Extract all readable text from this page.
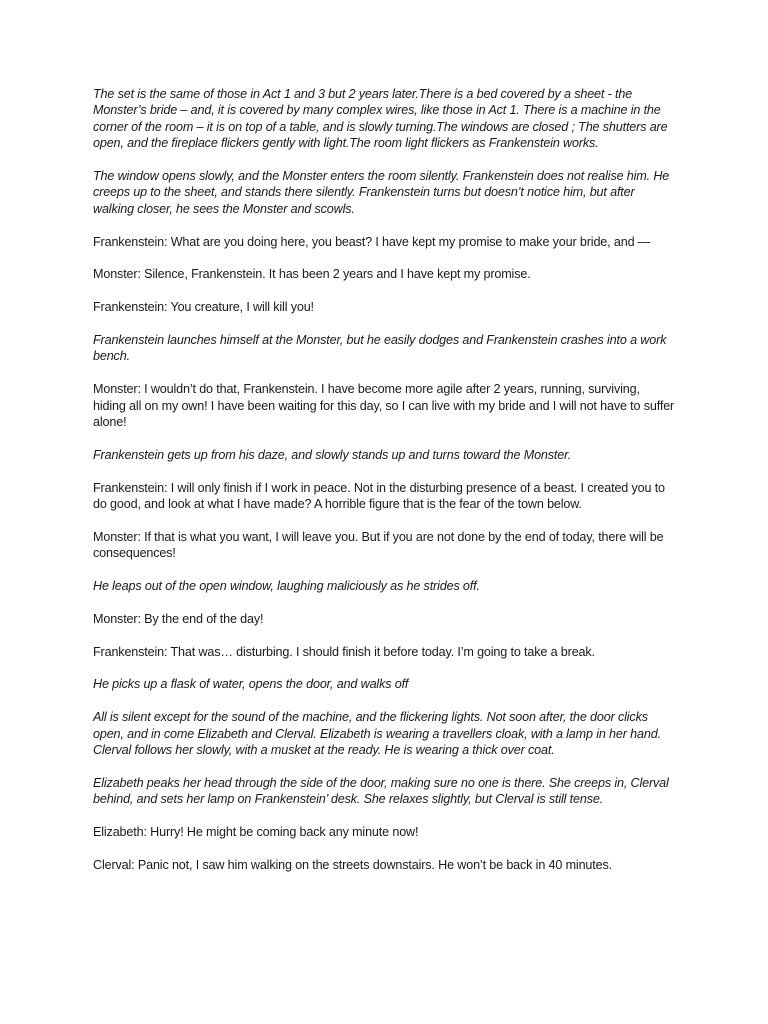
The set is the same of those in Act 1 and 3 but 2 years later.There is a bed covered by a sheet - the Monster’s bride – and, it is covered by many complex wires, like those in Act 1. There is a machine in the corner of the room – it is on top of a table, and is slowly turning.The windows are closed ; The shutters are open, and the fireplace flickers gently with light.The room light flickers as Frankenstein works.

The window opens slowly, and the Monster enters the room silently. Frankenstein does not realise him. He creeps up to the sheet, and stands there silently. Frankenstein turns but doesn’t notice him, but after walking closer, he sees the Monster and scowls.

Frankenstein: What are you doing here, you beast? I have kept my promise to make your bride, and —

Monster: Silence, Frankenstein. It has been 2 years and I have kept my promise.

Frankenstein: You creature, I will kill you!

Frankenstein launches himself at the Monster, but he easily dodges and Frankenstein crashes into a work bench.

Monster: I wouldn’t do that, Frankenstein. I have become more agile after 2 years, running, surviving, hiding all on my own! I have been waiting for this day, so I can live with my bride and I will not have to suffer alone!

Frankenstein gets up from his daze, and slowly stands up and turns toward the Monster.

Frankenstein: I will only finish if I work in peace. Not in the disturbing presence of a beast. I created you to do good, and look at what I have made? A horrible figure that is the fear of the town below.

Monster: If that is what you want, I will leave you. But if you are not done by the end of today, there will be consequences!

He leaps out of the open window, laughing maliciously as he strides off.

Monster: By the end of the day!

Frankenstein: That was… disturbing. I should finish it before today. I’m going to take a break.

He picks up a flask of water, opens the door, and walks off

All is silent except for the sound of the machine, and the flickering lights. Not soon after, the door clicks open, and in come Elizabeth and Clerval. Elizabeth is wearing a travellers cloak, with a lamp in her hand. Clerval follows her slowly, with a musket at the ready. He is wearing a thick over coat.

Elizabeth peaks her head through the side of the door, making sure no one is there. She creeps in, Clerval behind, and sets her lamp on Frankenstein’ desk. She relaxes slightly, but Clerval is still tense.

Elizabeth: Hurry! He might be coming back any minute now!

Clerval: Panic not, I saw him walking on the streets downstairs. He won’t be back in 40 minutes.
